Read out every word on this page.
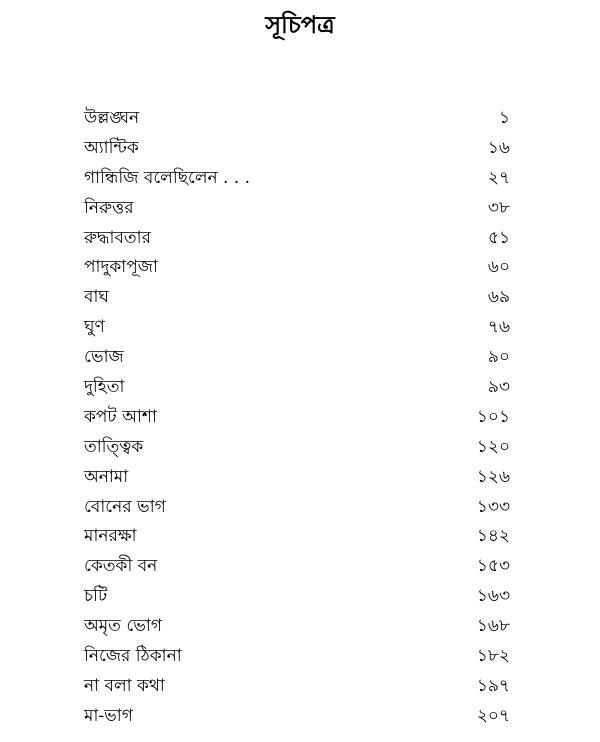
সূচিপত্র
উল্লঙ্ঘন	১
অ্যান্টিক	১৬
গান্ধিজি বলেছিলেন . . .	২৭
নিরুত্তর	৩৮
রুদ্ধাবতার	৫১
পাদুকাপূজা	৬০
বাঘ	৬৯
ঘুণ	৭৬
ভোজ	৯০
দুহিতা	৯৩
কপট আশা	১০১
তাত্ত্বিক	১২০
অনামা	১২৬
বোনের ভাগ	১৩৩
মানরক্ষা	১৪২
কেতকী বন	১৫৩
চটি	১৬৩
অমৃত ভোগ	১৬৮
নিজের ঠিকানা	১৮২
না বলা কথা	১৯৭
মা-ভাগ	২০৭
